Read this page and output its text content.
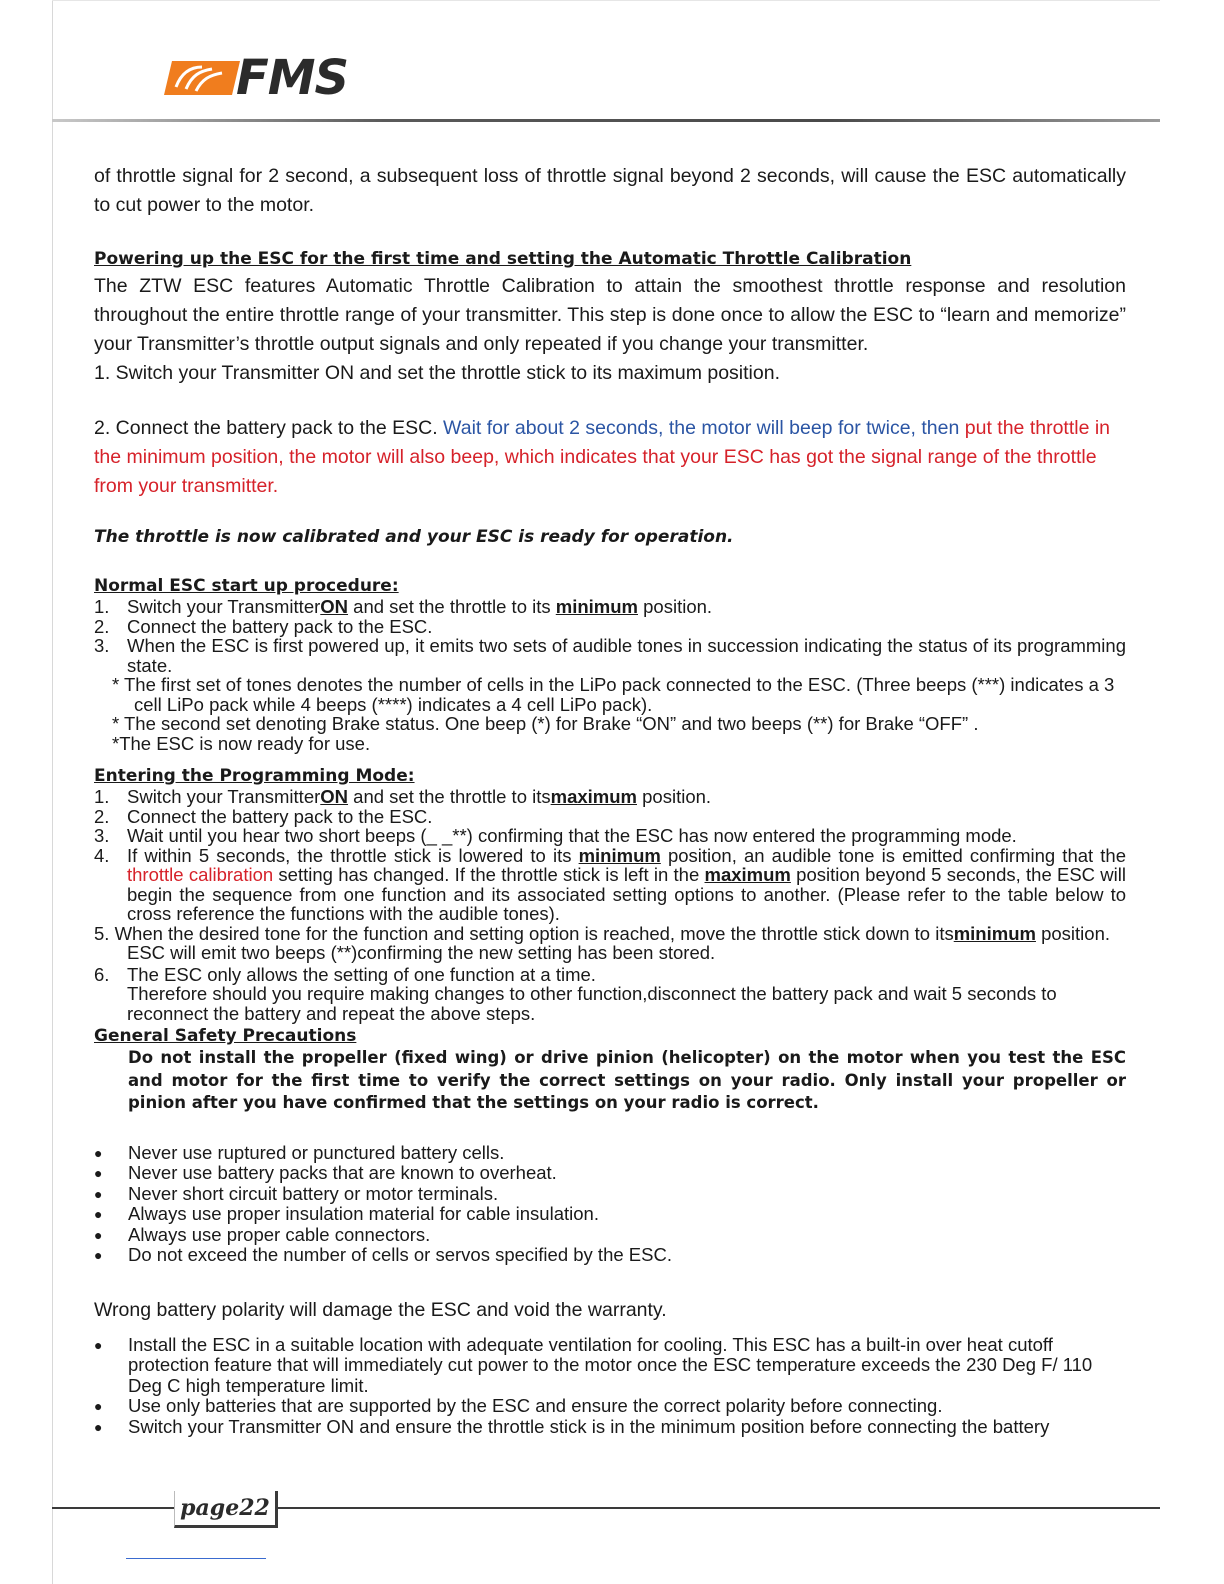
FMS

of throttle signal for 2 second, a subsequent loss of throttle signal beyond 2 seconds, will cause the ESC automatically to cut power to the motor.

Powering up the ESC for the first time and setting the Automatic Throttle Calibration

The ZTW ESC features Automatic Throttle Calibration to attain the smoothest throttle response and resolution throughout the entire throttle range of your transmitter. This step is done once to allow the ESC to “learn and memorize” your Transmitter’s throttle output signals and only repeated if you change your transmitter.

1. Switch your Transmitter ON and set the throttle stick to its maximum position.

2. Connect the battery pack to the ESC. Wait for about 2 seconds, the motor will beep for twice, then put the throttle in the minimum position, the motor will also beep, which indicates that your ESC has got the signal range of the throttle from your transmitter.

The throttle is now calibrated and your ESC is ready for operation.

Normal ESC start up procedure:

1. Switch your TransmitterON and set the throttle to its minimum position.
2. Connect the battery pack to the ESC.
3. When the ESC is first powered up, it emits two sets of audible tones in succession indicating the status of its programming state.

* The first set of tones denotes the number of cells in the LiPo pack connected to the ESC. (Three beeps (***) indicates a 3 cell LiPo pack while 4 beeps (****) indicates a 4 cell LiPo pack).

* The second set denoting Brake status. One beep (*) for Brake “ON” and two beeps (**) for Brake “OFF” .

*The ESC is now ready for use.

Entering the Programming Mode:

1. Switch your TransmitterON and set the throttle to itsmaximum position.
2. Connect the battery pack to the ESC.
3. Wait until you hear two short beeps (_ _**) confirming that the ESC has now entered the programming mode.
4. If within 5 seconds, the throttle stick is lowered to its minimum position, an audible tone is emitted confirming that the throttle calibration setting has changed. If the throttle stick is left in the maximum position beyond 5 seconds, the ESC will begin the sequence from one function and its associated setting options to another. (Please refer to the table below to cross reference the functions with the audible tones).

5. When the desired tone for the function and setting option is reached, move the throttle stick down to itsminimum position. ESC will emit two beeps (**)confirming the new setting has been stored.

6. The ESC only allows the setting of one function at a time.
Therefore should you require making changes to other function,disconnect the battery pack and wait 5 seconds to reconnect the battery and repeat the above steps.

General Safety Precautions

Do not install the propeller (fixed wing) or drive pinion (helicopter) on the motor when you test the ESC and motor for the first time to verify the correct settings on your radio. Only install your propeller or pinion after you have confirmed that the settings on your radio is correct.

●	Never use ruptured or punctured battery cells.
●	Never use battery packs that are known to overheat.
●	Never short circuit battery or motor terminals.
●	Always use proper insulation material for cable insulation.
●	Always use proper cable connectors.
●	Do not exceed the number of cells or servos specified by the ESC.

Wrong battery polarity will damage the ESC and void the warranty.

●	Install the ESC in a suitable location with adequate ventilation for cooling. This ESC has a built-in over heat cutoff protection feature that will immediately cut power to the motor once the ESC temperature exceeds the 230 Deg F/ 110 Deg C high temperature limit.
●	Use only batteries that are supported by the ESC and ensure the correct polarity before connecting.
●	Switch your Transmitter ON and ensure the throttle stick is in the minimum position before connecting the battery
page22
